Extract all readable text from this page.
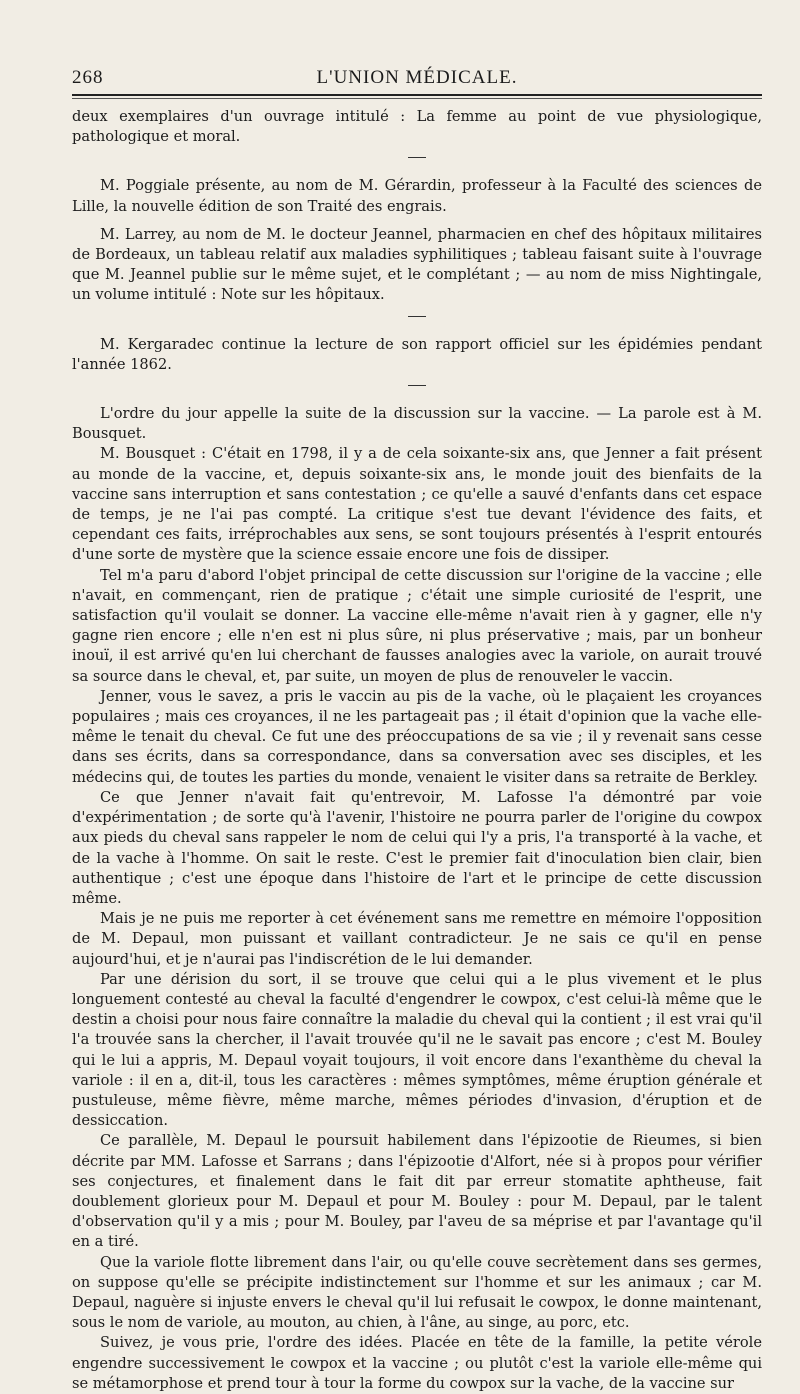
268	L'UNION MÉDICALE.

deux exemplaires d'un ouvrage intitulé : La femme au point de vue physiologique, pathologique et moral.

M. Poggiale présente, au nom de M. Gérardin, professeur à la Faculté des sciences de Lille, la nouvelle édition de son Traité des engrais.

M. Larrey, au nom de M. le docteur Jeannel, pharmacien en chef des hôpitaux militaires de Bordeaux, un tableau relatif aux maladies syphilitiques ; tableau faisant suite à l'ouvrage que M. Jeannel publie sur le même sujet, et le complétant ; — au nom de miss Nightingale, un volume intitulé : Note sur les hôpitaux.

M. Kergaradec continue la lecture de son rapport officiel sur les épidémies pendant l'année 1862.

L'ordre du jour appelle la suite de la discussion sur la vaccine. — La parole est à M. Bousquet.

M. Bousquet : C'était en 1798, il y a de cela soixante-six ans, que Jenner a fait présent au monde de la vaccine, et, depuis soixante-six ans, le monde jouit des bienfaits de la vaccine sans interruption et sans contestation ; ce qu'elle a sauvé d'enfants dans cet espace de temps, je ne l'ai pas compté. La critique s'est tue devant l'évidence des faits, et cependant ces faits, irréprochables aux sens, se sont toujours présentés à l'esprit entourés d'une sorte de mystère que la science essaie encore une fois de dissiper.

Tel m'a paru d'abord l'objet principal de cette discussion sur l'origine de la vaccine ; elle n'avait, en commençant, rien de pratique ; c'était une simple curiosité de l'esprit, une satisfaction qu'il voulait se donner. La vaccine elle-même n'avait rien à y gagner, elle n'y gagne rien encore ; elle n'en est ni plus sûre, ni plus préservative ; mais, par un bonheur inouï, il est arrivé qu'en lui cherchant de fausses analogies avec la variole, on aurait trouvé sa source dans le cheval, et, par suite, un moyen de plus de renouveler le vaccin.

Jenner, vous le savez, a pris le vaccin au pis de la vache, où le plaçaient les croyances populaires ; mais ces croyances, il ne les partageait pas ; il était d'opinion que la vache elle-même le tenait du cheval. Ce fut une des préoccupations de sa vie ; il y revenait sans cesse dans ses écrits, dans sa correspondance, dans sa conversation avec ses disciples, et les médecins qui, de toutes les parties du monde, venaient le visiter dans sa retraite de Berkley.

Ce que Jenner n'avait fait qu'entrevoir, M. Lafosse l'a démontré par voie d'expérimentation ; de sorte qu'à l'avenir, l'histoire ne pourra parler de l'origine du cowpox aux pieds du cheval sans rappeler le nom de celui qui l'y a pris, l'a transporté à la vache, et de la vache à l'homme. On sait le reste. C'est le premier fait d'inoculation bien clair, bien authentique ; c'est une époque dans l'histoire de l'art et le principe de cette discussion même.

Mais je ne puis me reporter à cet événement sans me remettre en mémoire l'opposition de M. Depaul, mon puissant et vaillant contradicteur. Je ne sais ce qu'il en pense aujourd'hui, et je n'aurai pas l'indiscrétion de le lui demander.

Par une dérision du sort, il se trouve que celui qui a le plus vivement et le plus longuement contesté au cheval la faculté d'engendrer le cowpox, c'est celui-là même que le destin a choisi pour nous faire connaître la maladie du cheval qui la contient ; il est vrai qu'il l'a trouvée sans la chercher, il l'avait trouvée qu'il ne le savait pas encore ; c'est M. Bouley qui le lui a appris, M. Depaul voyait toujours, il voit encore dans l'exanthème du cheval la variole : il en a, dit-il, tous les caractères : mêmes symptômes, même éruption générale et pustuleuse, même fièvre, même marche, mêmes périodes d'invasion, d'éruption et de dessiccation.

Ce parallèle, M. Depaul le poursuit habilement dans l'épizootie de Rieumes, si bien décrite par MM. Lafosse et Sarrans ; dans l'épizootie d'Alfort, née si à propos pour vérifier ses conjectures, et finalement dans le fait dit par erreur stomatite aphtheuse, fait doublement glorieux pour M. Depaul et pour M. Bouley : pour M. Depaul, par le talent d'observation qu'il y a mis ; pour M. Bouley, par l'aveu de sa méprise et par l'avantage qu'il en a tiré.

Que la variole flotte librement dans l'air, ou qu'elle couve secrètement dans ses germes, on suppose qu'elle se précipite indistinctement sur l'homme et sur les animaux ; car M. Depaul, naguère si injuste envers le cheval qu'il lui refusait le cowpox, le donne maintenant, sous le nom de variole, au mouton, au chien, à l'âne, au singe, au porc, etc.

Suivez, je vous prie, l'ordre des idées. Placée en tête de la famille, la petite vérole engendre successivement le cowpox et la vaccine ; ou plutôt c'est la variole elle-même qui se métamorphose et prend tour à tour la forme du cowpox sur la vache, de la vaccine sur
